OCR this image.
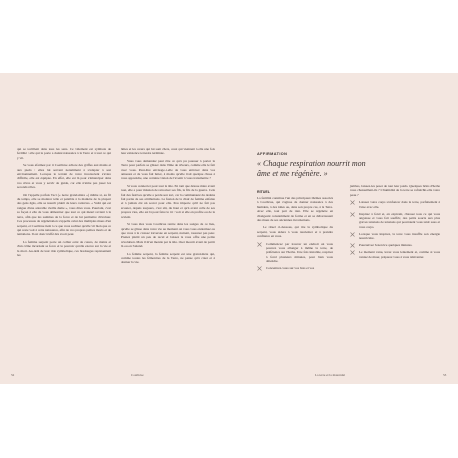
qui se tortillent dans tous les sens. Ce vêtement est symbole de fertilité : elle qui le porte a donné naissance à la Terre et à tout ce qui y vit.

Se vous afarmez par ti Coatlicue achore des griffes aux mains et aux pieds : elles lui servent notamment à s'adapter à son environnement. Lorsque le terrain de votre inconscient s'avère difficile, elle est équipée. En effet, elle est là pour s'émanciper dans vos rêves et vous y servir de guide, car elle n'aime pas jouer les seconds rôles.

On l'appelle parfois Teci (« notre grand-mère ») même si, au fil du temps, elle se montrer telle et paisible à la manière de la plupart des gens âgés, elle se nourrit plutôt de leurs cadavres. « Voilà qui est rangue d'une adorable vieille dame », vous dites vous. Pourtant, c'est sa façon à elle de vous démontrer que tout ce qui meurt revient à la terre, afin que les sommes de la force et de lui permettre d'évoluer. Ces processus de régénération s'appelle celui des multiples mues d'un serpent, et Coatlicue tient à ce que vous sachiez qu'elle vit bien que ce qui reste voit à cette naissance, afin de vos propres petites morts et de tentations. Il est donc truffé dès avoir peur.

La femme serpent porte un collier orné de cœurs, de mains et d'un crâne incarnant sa force et le pouvoir qu'elle exerce sur la vie et la mort. Au-delà de leur rôle symbolique, ces bredouges représentent les

âmes et les cœurs qui lui sont chers, ceux qui viennent à elle une fois leur existence terrestre terminée.

Vous vous demandez peut être ce qu'a pu pousser à porter la Terre pour parfois se glisser dans l'âme de rêveurs, comme elle le fait avec vous. Peut-être envisage-t-elle de vous entraver dans vos anneaux et de vous fait lutter, à moins qu'elle n'ait quelque chose à vous apprendre, une certaine vision de l'avenir à vous transmettre ?

Si vous connecter pour tout la tête. En tant que déesse mère avant tout, elle a pour mission de retrouver ses fils, le fils de la guerre. Cela fait des festives qu'elle a perdu son tort, car la communauté du dedans fait partie de ses attributions. La fusion de la chair de femme enfante et à jamais été un secret pour elle. Peu importe qu'il ne fait pas écouter, depuis toujours, c'est sûr, du haut et qu'à avant celle de ses propres vies, elle est là pour faire le tri : voir si elle en profite ou de la revient.

Si vous êtes vous Coatlicue rentre dans les songes de ce lieu, qu'elle se glisse dans votre vie au moment où vous vous endormez ou que vous à la croisez traversée en serpent, nuirent, rassurez pas peur. Prenez plutôt un peu de recul et laissez la vous offre une petite révolution. Mais il m'en monde par la tête. Oser mourir avant de partir là ou on l'attend.

La femme serpent, la femme serpent est une grand-mère qui, comme toutes les fémontres de la Terre, ne pense qu'à créer et à donner la vie.

AFFIRMATION
« Chaque respiration nourrit mon âme et me régénère. »
RITUEL

La fertilité constitue l'un des principaux thèmes associés à Coatlicue, qui s'agisse de donner naissance à des humains, à des idées ou, dans son propre cas, à la Terre. Avec elle, tout part de rien. Elle se régénère en changeant constamment de forme et en se débarrassant des mues de ses anciennes incarnations.

Le rituel ci-dessous, qui tire la symbolique du serpent, vous aidera à vous réorienter et à prendre confiance en vous.

Commencez par trouver un endroit où vous pourrez vous allonger à même la terre, de préférence sur l'herbe. Une fois installée, respirez à fond plusieurs minutes, pour bien vous détendre.
Concentrez-vous sur vos bras et vos

jambes, laissez-les peser de tout leur poids. Quelques brins d'herbe vous chatouillent-ils ? L'humidité de la terre se rafraîchit-elle votre peau ?

Laissez votre corps s'enfoncer dans la terre, parfaitement à l'aise avec elle.
Inspirez à fond et, en expirant, chassez tous ce qui vous angoisse et vous fait souffrir, des petits soucis aux plus graves tensions de tensions qui pourraient vous tenir sous et vous corps.
Lorsque vous inspirez, la terre vous insuffle son énergie nourricière.
Poursuivez l'exercice quelques minutes.
Le moment venu, levez vous lentement et, comme si vous veniez de muer, préparez vous à vous réinventer.
52	Coatlicue	La terre et la maternité	53
